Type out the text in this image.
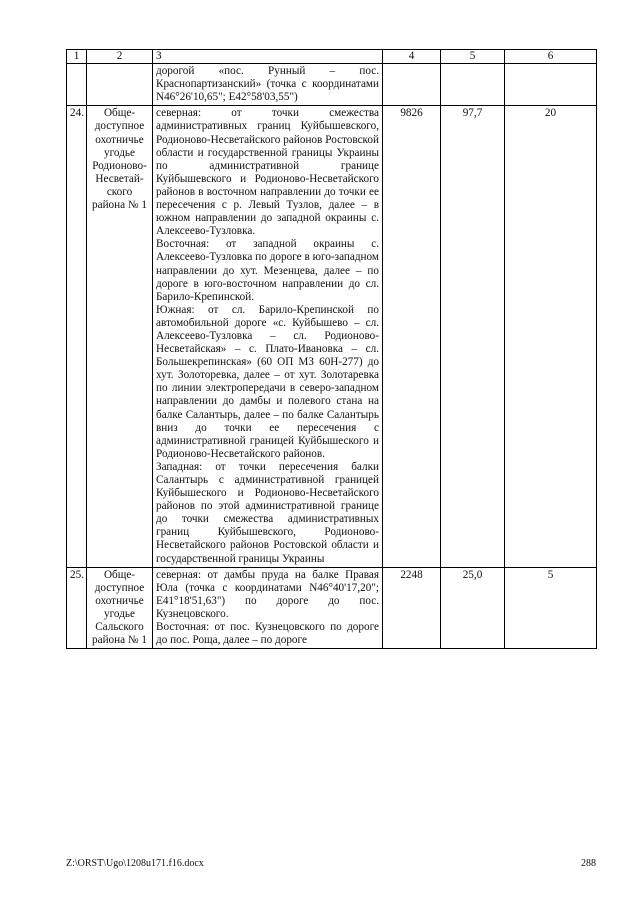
1	2	3	4	5	6

		дорогой «пос. Рунный – пос. Краснопартизанский» (точка с координатами N46°26'10,65"; E42°58'03,55")			

24.	Обще-доступное охотничье угодье Родионово-Несветай-ского района № 1	северная: от точки смежества административных границ Куйбышевского, Родионово-Несветайского районов Ростовской области и государственной границы Украины по административной границе Куйбышевского и Родионово-Несветайского районов в восточном направлении до точки ее пересечения с р. Левый Тузлов, далее – в южном направлении до западной окраины с. Алексеево-Тузловка.
Восточная: от западной окраины с. Алексеево-Тузловка по дороге в юго-западном направлении до хут. Мезенцева, далее – по дороге в юго-восточном направлении до сл. Барило-Крепинской.
Южная: от сл. Барило-Крепинской по автомобильной дороге «с. Куйбышево – сл. Алексеево-Тузловка – сл. Родионово-Несветайская» – с. Плато-Ивановка – сл. Большекрепинская» (60 ОП МЗ 60Н-277) до хут. Золоторевка, далее – от хут. Золотаревка по линии электропередачи в северо-западном направлении до дамбы и полевого стана на балке Салантырь, далее – по балке Салантырь вниз до точки ее пересечения с административной границей Куйбышеского и Родионово-Несветайского районов.
Западная: от точки пересечения балки Салантырь с административной границей Куйбышеского и Родионово-Несветайского районов по этой административной границе до точки смежества административных границ Куйбышевского, Родионово-Несветайского районов Ростовской области и государственной границы Украины	9826	97,7	20
25.	Обще-доступное охотничье угодье Сальского района № 1	северная: от дамбы пруда на балке Правая Юла (точка с координатами N46°40'17,20"; E41°18'51,63") по дороге до пос. Кузнецовского.
Восточная: от пос. Кузнецовского по дороге до пос. Роща, далее – по дороге	2248	25,0	5
Z:\ORST\Ugo\1208u171.f16.docx	288
